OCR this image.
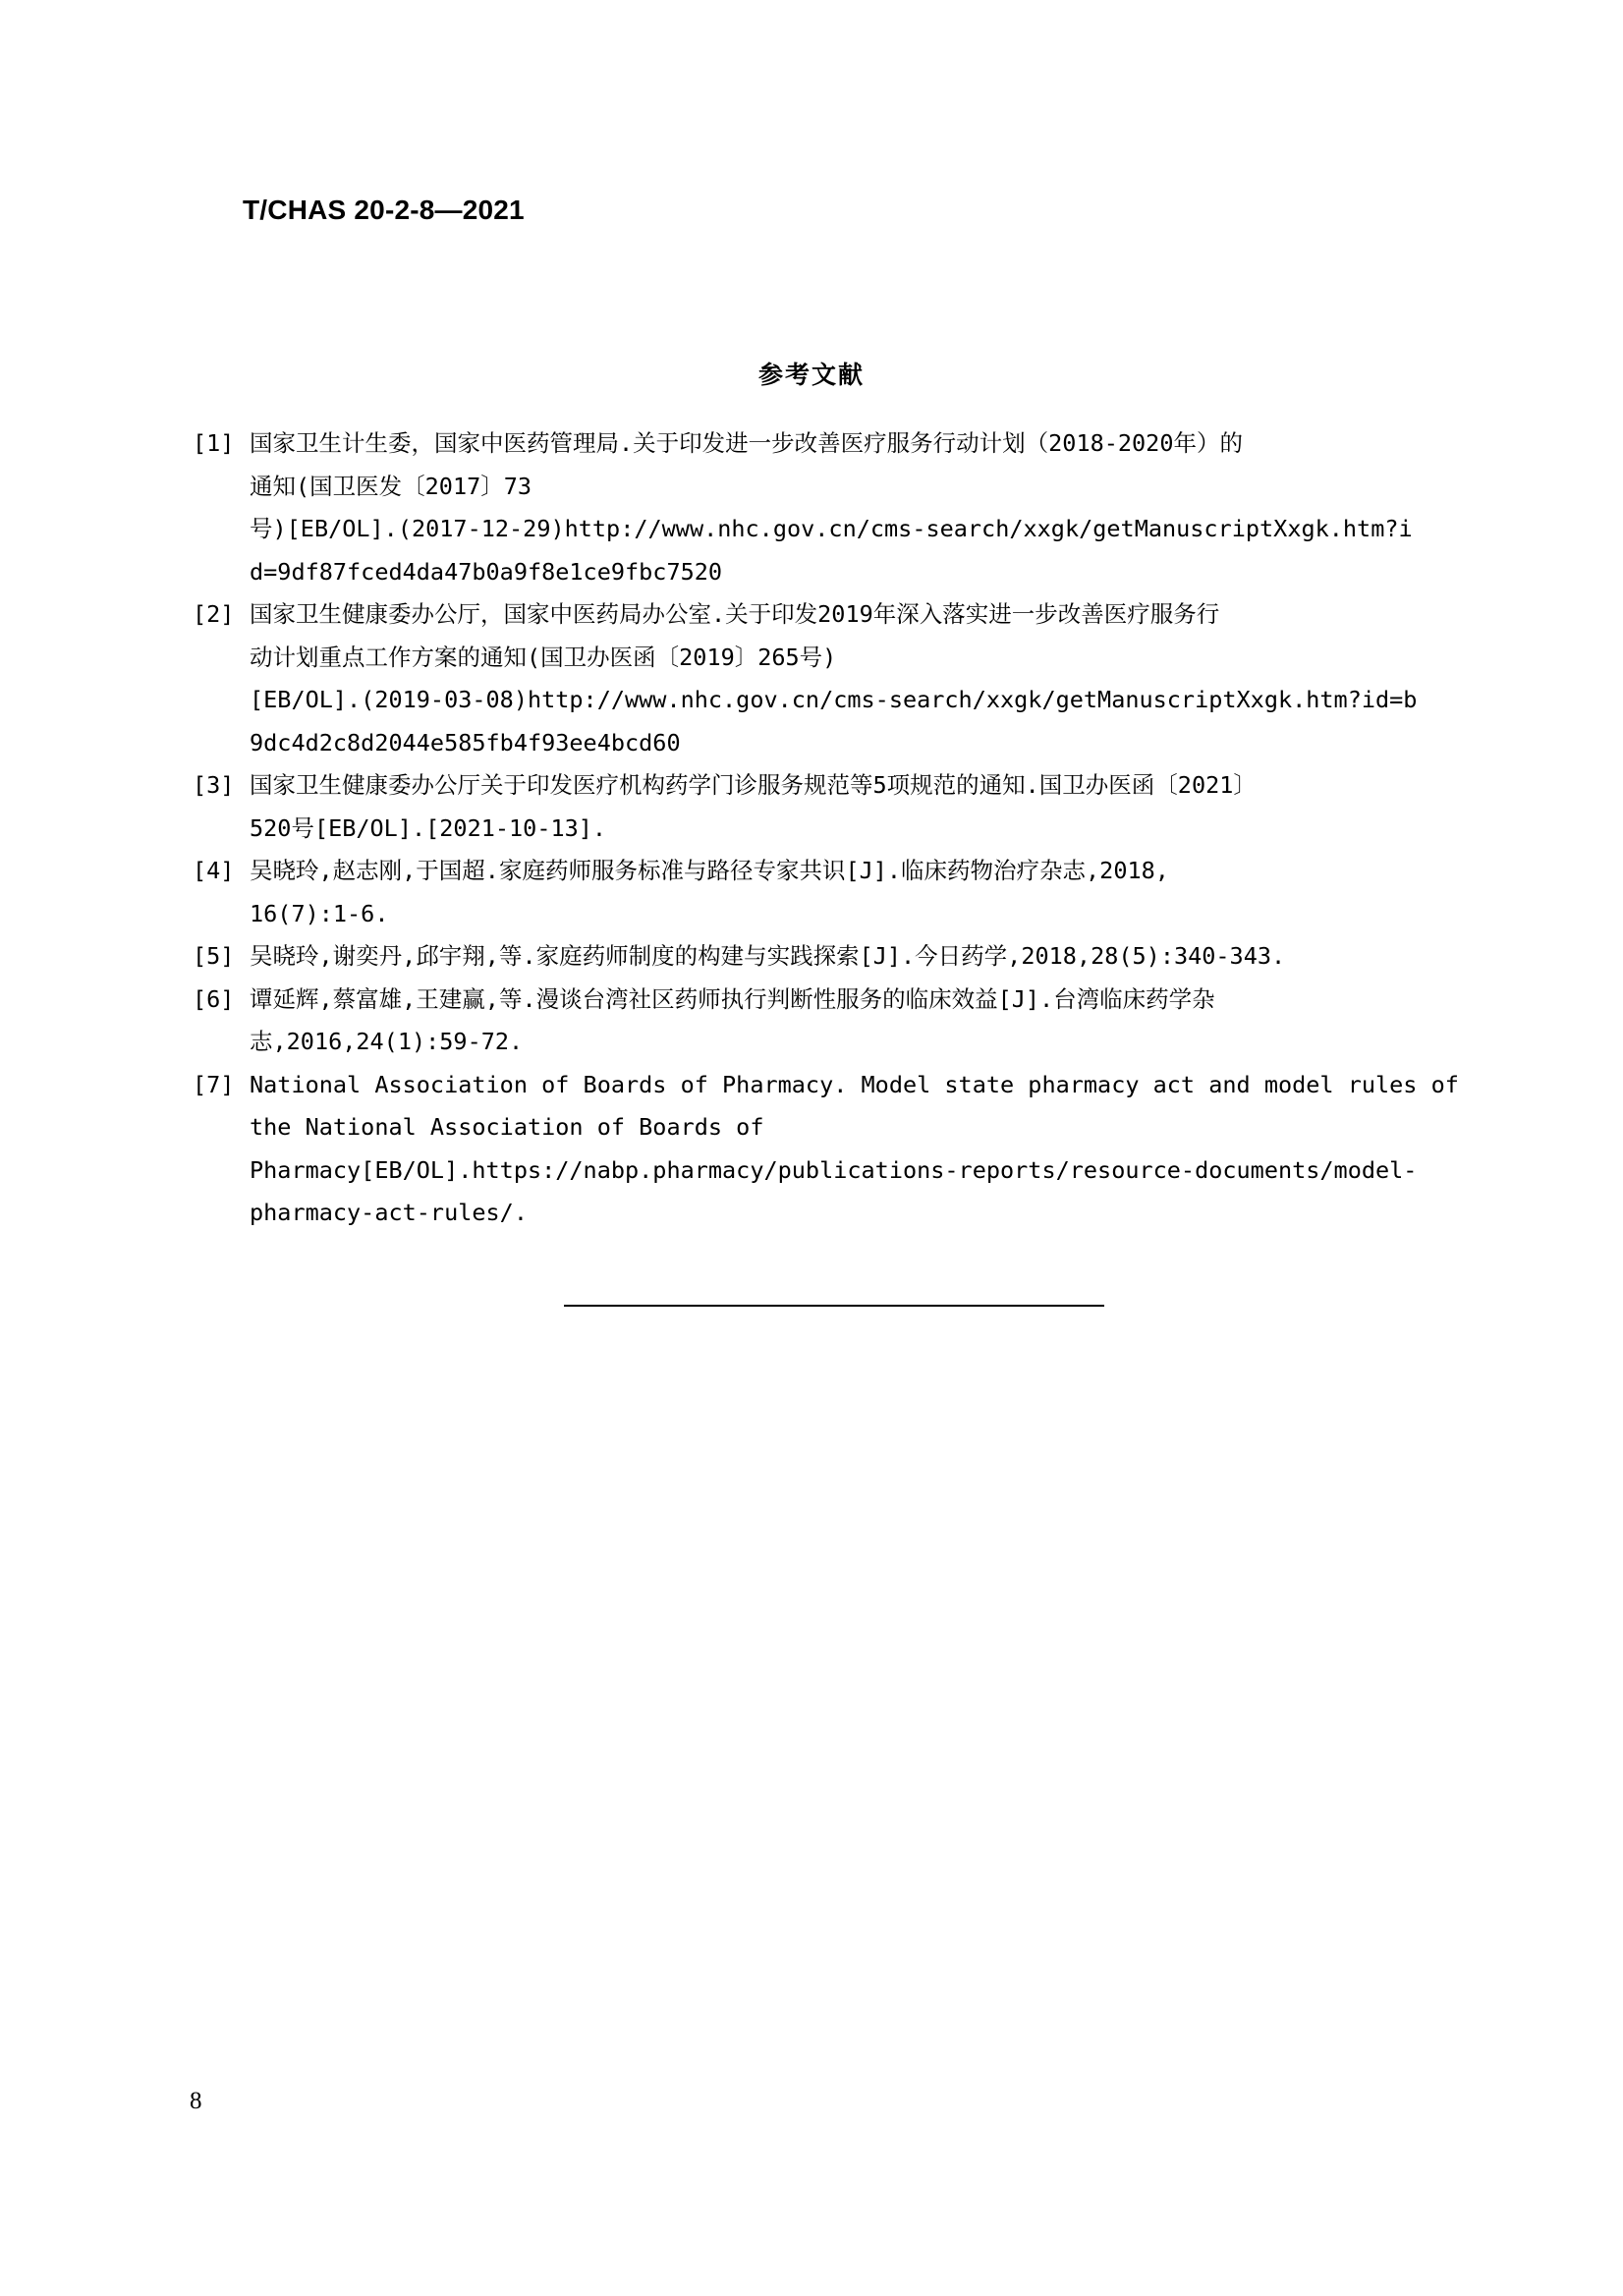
T/CHAS 20-2-8—2021
参考文献
[1] 国家卫生计生委，国家中医药管理局.关于印发进一步改善医疗服务行动计划（2018-2020年）的
通知(国卫医发〔2017〕73
号)[EB/OL].(2017-12-29)http://www.nhc.gov.cn/cms-search/xxgk/getManuscriptXxgk.htm?i
d=9df87fced4da47b0a9f8e1ce9fbc7520
[2] 国家卫生健康委办公厅，国家中医药局办公室.关于印发2019年深入落实进一步改善医疗服务行
动计划重点工作方案的通知(国卫办医函〔2019〕265号)
[EB/OL].(2019-03-08)http://www.nhc.gov.cn/cms-search/xxgk/getManuscriptXxgk.htm?id=b
9dc4d2c8d2044e585fb4f93ee4bcd60
[3] 国家卫生健康委办公厅关于印发医疗机构药学门诊服务规范等5项规范的通知.国卫办医函〔2021〕
520号[EB/OL].[2021-10-13].
[4] 吴晓玲,赵志刚,于国超.家庭药师服务标准与路径专家共识[J].临床药物治疗杂志,2018,
16(7):1-6.
[5] 吴晓玲,谢奕丹,邱宇翔,等.家庭药师制度的构建与实践探索[J].今日药学,2018,28(5):340-343.
[6] 谭延辉,蔡富雄,王建赢,等.漫谈台湾社区药师执行判断性服务的临床效益[J].台湾临床药学杂
志,2016,24(1):59-72.
[7] National Association of Boards of Pharmacy. Model state pharmacy act and model rules of
the National Association of Boards of
Pharmacy[EB/OL].https://nabp.pharmacy/publications-reports/resource-documents/model-
pharmacy-act-rules/.
8
